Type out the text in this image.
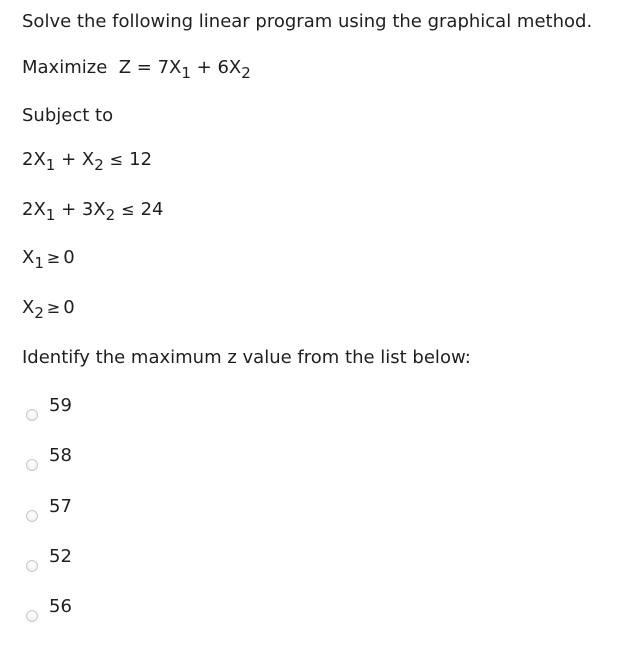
Solve the following linear program using the graphical method.
Maximize $Z = 7X_1 + 6X_2$
Subject to
$2X_1 + X_2 \le 12$
$2X_1 + 3X_2 \le 24$
$X_1 \ge 0$
$X_2 \ge 0$
Identify the maximum z value from the list below:
59
58
57
52
56
